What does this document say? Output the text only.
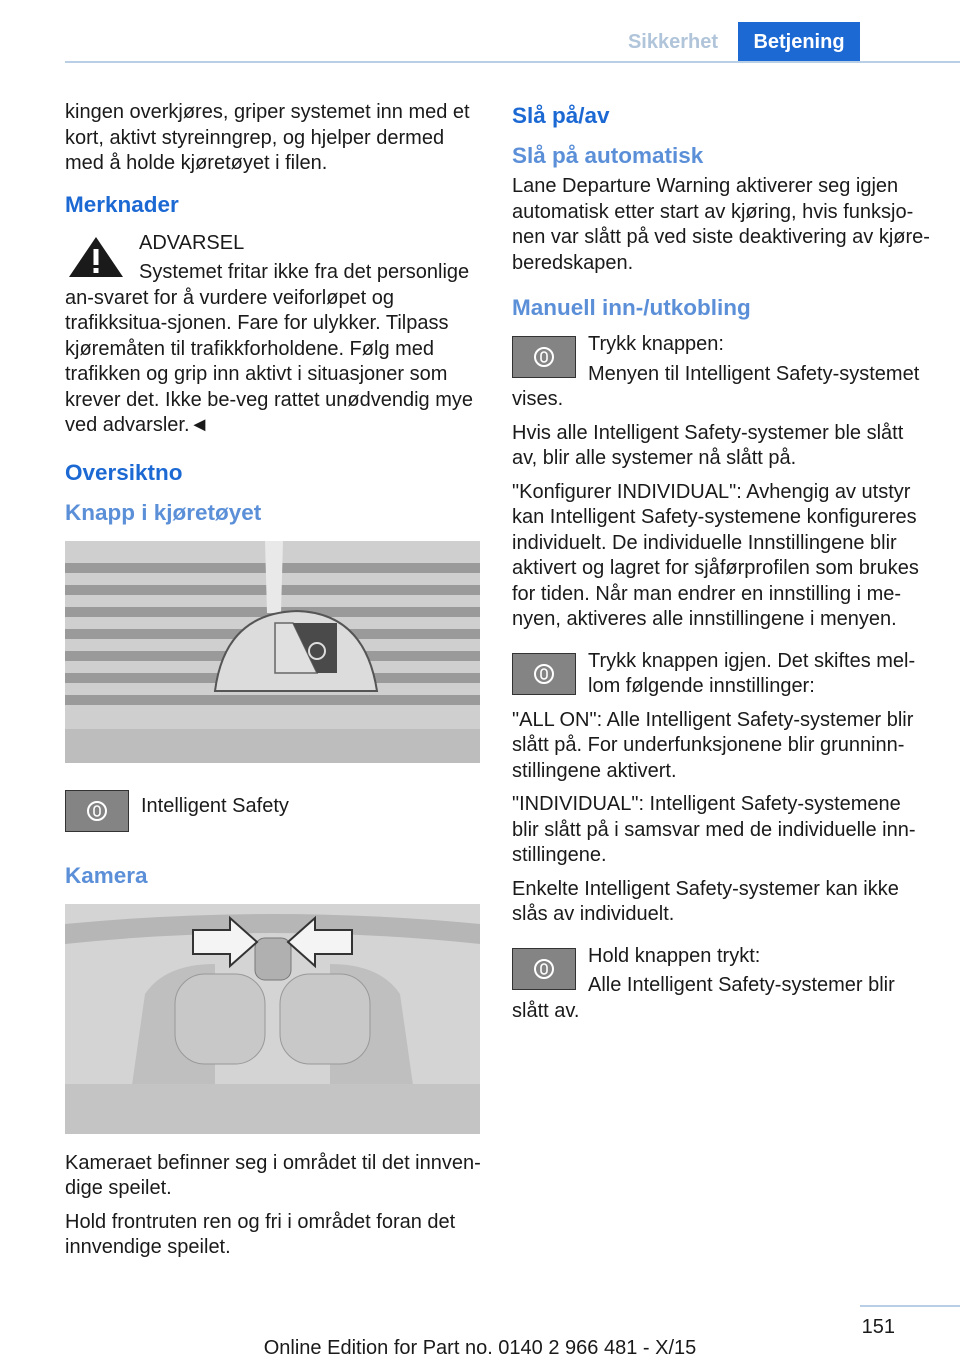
Sikkerhet	Betjening

kingen overkjøres, griper systemet inn med et kort, aktivt styreinngrep, og hjelper dermed med å holde kjøretøyet i filen.

Merknader

ADVARSEL

Systemet fritar ikke fra det personlige an-svaret for å vurdere veiforløpet og trafikksitua-sjonen. Fare for ulykker. Tilpass kjøremåten til trafikkforholdene. Følg med trafikken og grip inn aktivt i situasjoner som krever det. Ikke be-veg rattet unødvendig mye ved advarsler.◄

Oversiktno
Knapp i kjøretøyet

Intelligent Safety

Kamera

Kameraet befinner seg i området til det innven-dige speilet.

Hold frontruten ren og fri i området foran det innvendige speilet.

Slå på/av
Slå på automatisk

Lane Departure Warning aktiverer seg igjen automatisk etter start av kjøring, hvis funksjo-nen var slått på ved siste deaktivering av kjøre-beredskapen.

Manuell inn-/utkobling

Trykk knappen:

Menyen til Intelligent Safety-systemet vises.

Hvis alle Intelligent Safety-systemer ble slått av, blir alle systemer nå slått på.

"Konfigurer INDIVIDUAL": Avhengig av utstyr kan Intelligent Safety-systemene konfigureres individuelt. De individuelle Innstillingene blir aktivert og lagret for sjåførprofilen som brukes for tiden. Når man endrer en innstilling i me-nyen, aktiveres alle innstillingene i menyen.

Trykk knappen igjen. Det skiftes mel-lom følgende innstillinger:

"ALL ON": Alle Intelligent Safety-systemer blir slått på. For underfunksjonene blir grunninn-stillingene aktivert.

"INDIVIDUAL": Intelligent Safety-systemene blir slått på i samsvar med de individuelle inn-stillingene.

Enkelte Intelligent Safety-systemer kan ikke slås av individuelt.

Hold knappen trykt:

Alle Intelligent Safety-systemer blir slått av.

151
Online Edition for Part no. 0140 2 966 481 - X/15
